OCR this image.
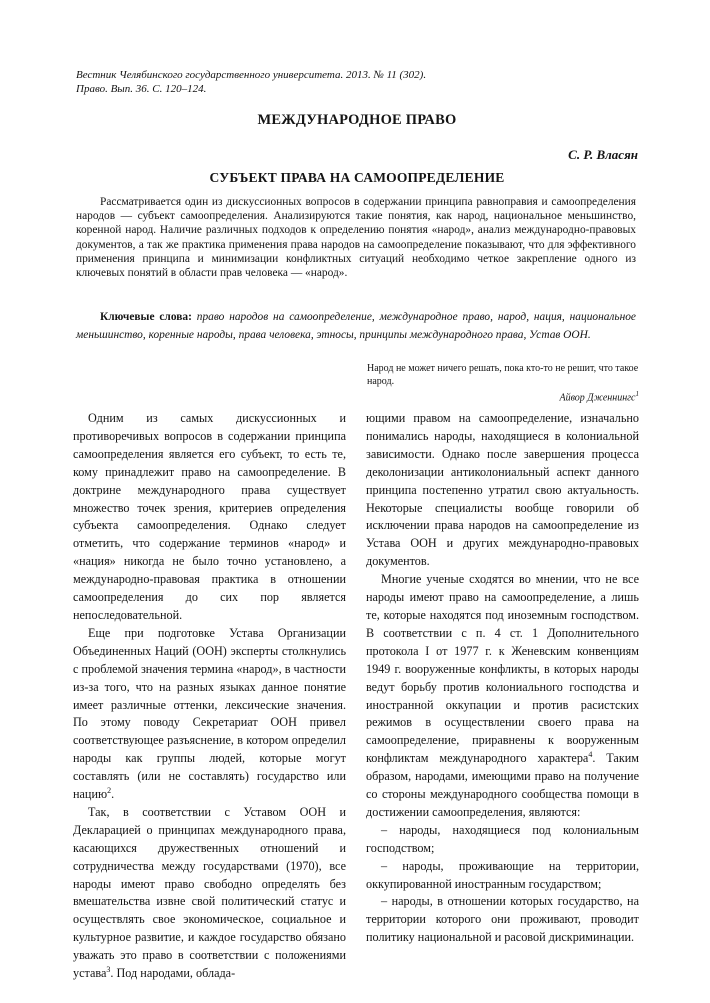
Вестник Челябинского государственного университета. 2013. № 11 (302).
Право. Вып. 36. С. 120–124.
МЕЖДУНАРОДНОЕ ПРАВО
С. Р. Власян
СУБЪЕКТ ПРАВА НА САМООПРЕДЕЛЕНИЕ

Рассматривается один из дискуссионных вопросов в содержании принципа равноправия и самоопределения народов — субъект самоопределения. Анализируются такие понятия, как народ, национальное меньшинство, коренной народ. Наличие различных подходов к определению понятия «народ», анализ международно-правовых документов, а так же практика применения права народов на самоопределение показывают, что для эффективного применения принципа и минимизации конфликтных ситуаций необходимо четкое закрепление одного из ключевых понятий в области прав человека — «народ».

Ключевые слова: право народов на самоопределение, международное право, народ, нация, национальное меньшинство, коренные народы, права человека, этносы, принципы международного права, Устав ООН.

Народ не может ничего решать, пока кто-то не решит, что такое народ.

Айвор Дженнингс$^1$

Одним из самых дискуссионных и противоречивых вопросов в содержании принципа самоопределения является его субъект, то есть те, кому принадлежит право на самоопределение. В доктрине международного права существует множество точек зрения, критериев определения субъекта самоопределения. Однако следует отметить, что содержание терминов «народ» и «нация» никогда не было точно установлено, а международно-правовая практика в отношении самоопределения до сих пор является непоследовательной.

Еще при подготовке Устава Организации Объединенных Наций (ООН) эксперты столкнулись с проблемой значения термина «народ», в частности из-за того, что на разных языках данное понятие имеет различные оттенки, лексические значения. По этому поводу Секретариат ООН привел соответствующее разъяснение, в котором определил народы как группы людей, которые могут составлять (или не составлять) государство или нацию$^2$.

Так, в соответствии с Уставом ООН и Декларацией о принципах международного права, касающихся дружественных отношений и сотрудничества между государствами (1970), все народы имеют право свободно определять без вмешательства извне свой политический статус и осуществлять свое экономическое, социальное и культурное развитие, и каждое государство обязано уважать это право в соответствии с положениями устава$^3$. Под народами, облада-

ющими правом на самоопределение, изначально понимались народы, находящиеся в колониальной зависимости. Однако после завершения процесса деколонизации антиколониальный аспект данного принципа постепенно утратил свою актуальность. Некоторые специалисты вообще говорили об исключении права народов на самоопределение из Устава ООН и других международно-правовых документов.

Многие ученые сходятся во мнении, что не все народы имеют право на самоопределение, а лишь те, которые находятся под иноземным господством. В соответствии с п. 4 ст. 1 Дополнительного протокола I от 1977 г. к Женевским конвенциям 1949 г. вооруженные конфликты, в которых народы ведут борьбу против колониального господства и иностранной оккупации и против расистских режимов в осуществлении своего права на самоопределение, приравнены к вооруженным конфликтам международного характера$^4$. Таким образом, народами, имеющими право на получение со стороны международного сообщества помощи в достижении самоопределения, являются:

– народы, находящиеся под колониальным господством;

– народы, проживающие на территории, оккупированной иностранным государством;

– народы, в отношении которых государство, на территории которого они проживают, проводит политику национальной и расовой дискриминации.
